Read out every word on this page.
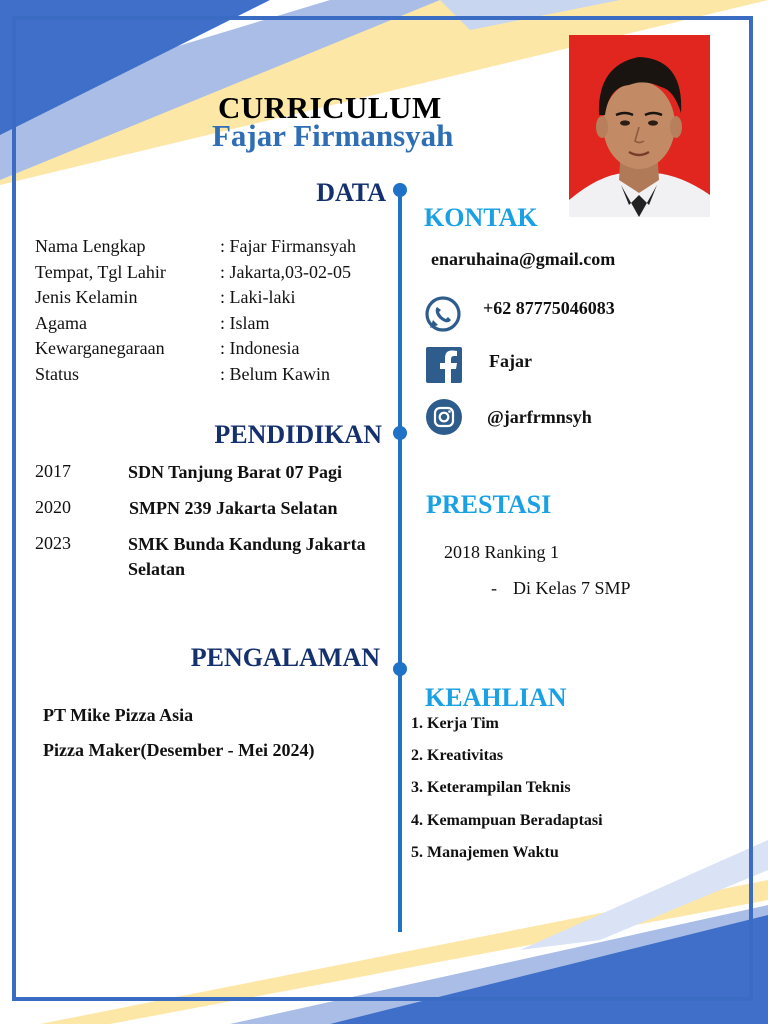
CURRICULUM
Fajar Firmansyah
DATA
Nama Lengkap	: Fajar Firmansyah
Tempat, Tgl Lahir	: Jakarta,03-02-05
Jenis Kelamin	: Laki-laki
Agama	: Islam
Kewarganegaraan	: Indonesia
Status	: Belum Kawin
PENDIDIKAN
2017	SDN Tanjung Barat 07 Pagi
2020	SMPN 239 Jakarta Selatan
2023	SMK Bunda Kandung Jakarta
Selatan
PENGALAMAN
PT Mike Pizza Asia
Pizza Maker(Desember - Mei 2024)
KONTAK
enaruhaina@gmail.com
+62 87775046083
Fajar
@jarfrmnsyh
PRESTASI
2018 Ranking 1
- Di Kelas 7 SMP
KEAHLIAN
1. Kerja Tim
2. Kreativitas
3. Keterampilan Teknis
4. Kemampuan Beradaptasi
5. Manajemen Waktu
